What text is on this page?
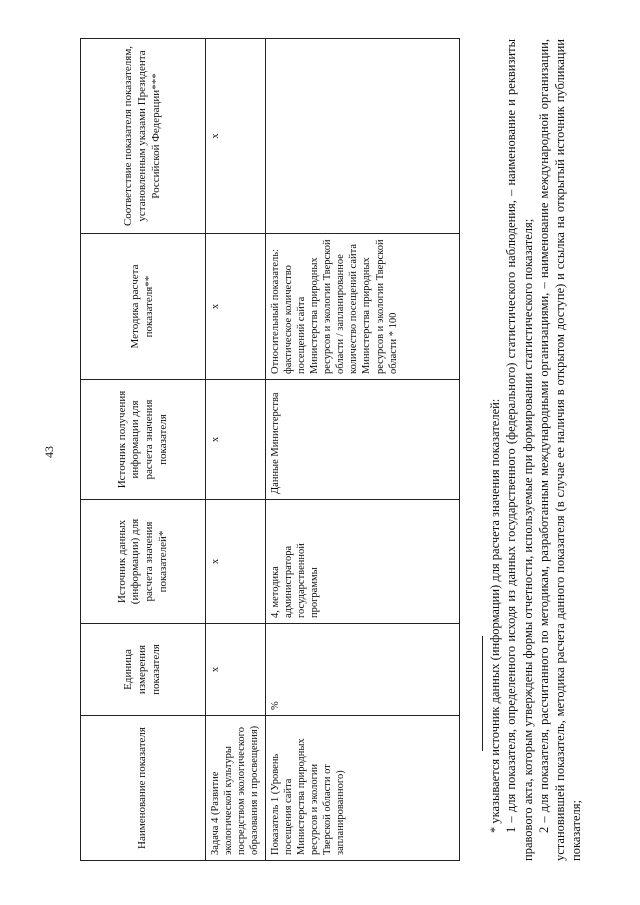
43
Наименование показателя	Единица измерения показателя	Источник данных (информации) для расчета значения показателей*	Источник получения информации для расчета значения показателя	Методика расчета показателя**	Соответствие показателя показателям, установленным указами Президента Российской Федерации***
Задача 4 (Развитие экологической культуры посредством экологического образования и просвещения)	х	х	х	х	х
Показатель 1 (Уровень посещения сайта Министерства природных ресурсов и экологии Тверской области от запланированного)	%	4, методика администратора государственной программы	Данные Министерства	Относительный показатель: фактическое количество посещений сайта Министерства природных ресурсов и экологии Тверской области / запланированное количество посещений сайта Министерства природных ресурсов и экологии Тверской области * 100	

* указывается источник данных (информации) для расчета значения показателей: 1 – для показателя, определенного исходя из данных государственного (федерального) статистического наблюдения, – наименование и реквизиты правового акта, которым утверждены формы отчетности, используемые при формировании статистического показателя; 2 – для показателя, рассчитанного по методикам, разработанным международными организациями, – наименование международной организации, установившей показатель, методика расчета данного показателя (в случае ее наличия в открытом доступе) и ссылка на открытый источник публикации показателя;
